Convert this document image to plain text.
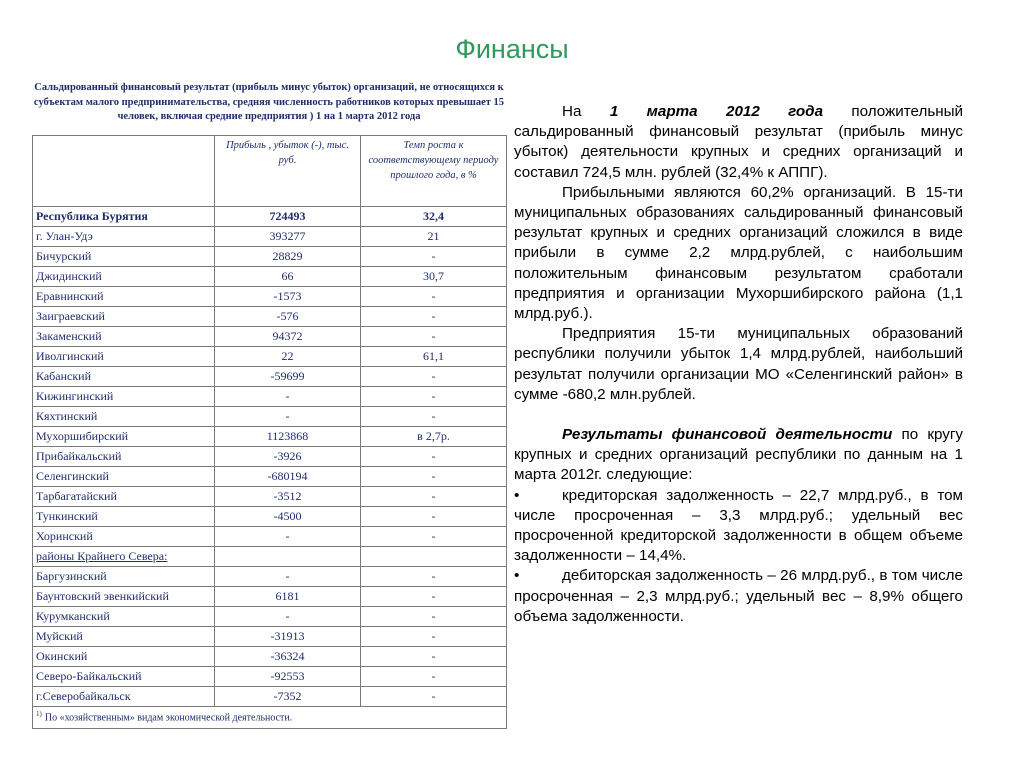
Финансы
Сальдированный финансовый результат (прибыль минус убыток) организаций, не относящихся к субъектам малого предпринимательства, средняя численность работников которых превышает 15 человек, включая средние предприятия ) 1 на 1 марта 2012 года
	Прибыль , убыток (-), тыс. руб.	Темп роста к соответствующему периоду прошлого года, в %
Республика Бурятия	724493	32,4
г. Улан-Удэ	393277	21
Бичурский	28829	-
Джидинский	66	30,7
Еравнинский	-1573	-
Заиграевский	-576	-
Закаменский	94372	-
Иволгинский	22	61,1
Кабанский	-59699	-
Кижингинский	-	-
Кяхтинский	-	-
Мухоршибирский	1123868	в 2,7р.
Прибайкальский	-3926	-
Селенгинский	-680194	-
Тарбагатайский	-3512	-
Тункинский	-4500	-
Хоринский	-	-
районы Крайнего Севера:		
Баргузинский	-	-
Баунтовский эвенкийский	6181	-
Курумканский	-	-
Муйский	-31913	-
Окинский	-36324	-
Северо-Байкальский	-92553	-
г.Северобайкальск	-7352	-
$^{1)}$ По «хозяйственным» видам экономической деятельности.		

На 1 марта 2012 года положительный сальдированный финансовый результат (прибыль минус убыток) деятельности крупных и средних организаций и составил 724,5 млн. рублей (32,4% к АППГ).

Прибыльными являются 60,2% организаций. В 15-ти муниципальных образованиях сальдированный финансовый результат крупных и средних организаций сложился в виде прибыли в сумме 2,2 млрд.рублей, с наибольшим положительным финансовым результатом сработали предприятия и организации Мухоршибирского района (1,1 млрд.руб.).

Предприятия 15-ти муниципальных образований республики получили убыток 1,4 млрд.рублей, наибольший результат получили организации МО «Селенгинский район» в сумме -680,2 млн.рублей.

Результаты финансовой деятельности по кругу крупных и средних организаций республики по данным на 1 марта 2012г. следующие:

•	кредиторская задолженность – 22,7 млрд.руб., в том числе просроченная – 3,3 млрд.руб.; удельный вес просроченной кредиторской задолженности в общем объеме задолженности – 14,4%.

•	дебиторская задолженность – 26 млрд.руб., в том числе просроченная – 2,3 млрд.руб.; удельный вес – 8,9% общего объема задолженности.
